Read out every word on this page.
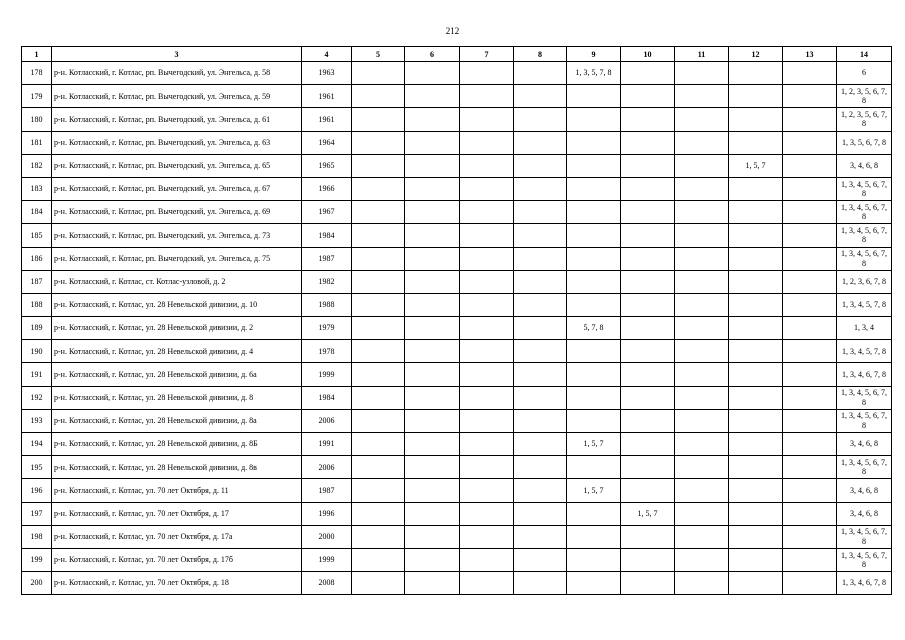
212
1	3	4	5	6	7	8	9	10	11	12	13	14
178	р-н. Котласский, г. Котлас, рп. Вычегодский, ул. Энгельса, д. 58	1963					1, 3, 5, 7, 8					6
179	р-н. Котласский, г. Котлас, рп. Вычегодский, ул. Энгельса, д. 59	1961										1, 2, 3, 5, 6, 7, 8
180	р-н. Котласский, г. Котлас, рп. Вычегодский, ул. Энгельса, д. 61	1961										1, 2, 3, 5, 6, 7, 8
181	р-н. Котласский, г. Котлас, рп. Вычегодский, ул. Энгельса, д. 63	1964										1, 3, 5, 6, 7, 8
182	р-н. Котласский, г. Котлас, рп. Вычегодский, ул. Энгельса, д. 65	1965								1, 5, 7		3, 4, 6, 8
183	р-н. Котласский, г. Котлас, рп. Вычегодский, ул. Энгельса, д. 67	1966										1, 3, 4, 5, 6, 7, 8
184	р-н. Котласский, г. Котлас, рп. Вычегодский, ул. Энгельса, д. 69	1967										1, 3, 4, 5, 6, 7, 8
185	р-н. Котласский, г. Котлас, рп. Вычегодский, ул. Энгельса, д. 73	1984										1, 3, 4, 5, 6, 7, 8
186	р-н. Котласский, г. Котлас, рп. Вычегодский, ул. Энгельса, д. 75	1987										1, 3, 4, 5, 6, 7, 8
187	р-н. Котласский, г. Котлас, ст. Котлас-узловой, д. 2	1982										1, 2, 3, 6, 7, 8
188	р-н. Котласский, г. Котлас, ул. 28 Невельской дивизии, д. 10	1988										1, 3, 4, 5, 7, 8
189	р-н. Котласский, г. Котлас, ул. 28 Невельской дивизии, д. 2	1979					5, 7, 8					1, 3, 4
190	р-н. Котласский, г. Котлас, ул. 28 Невельской дивизии, д. 4	1978										1, 3, 4, 5, 7, 8
191	р-н. Котласский, г. Котлас, ул. 28 Невельской дивизии, д. 6а	1999										1, 3, 4, 6, 7, 8
192	р-н. Котласский, г. Котлас, ул. 28 Невельской дивизии, д. 8	1984										1, 3, 4, 5, 6, 7, 8
193	р-н. Котласский, г. Котлас, ул. 28 Невельской дивизии, д. 8а	2006										1, 3, 4, 5, 6, 7, 8
194	р-н. Котласский, г. Котлас, ул. 28 Невельской дивизии, д. 8Б	1991					1, 5, 7					3, 4, 6, 8
195	р-н. Котласский, г. Котлас, ул. 28 Невельской дивизии, д. 8в	2006										1, 3, 4, 5, 6, 7, 8
196	р-н. Котласский, г. Котлас, ул. 70 лет Октября, д. 11	1987					1, 5, 7					3, 4, 6, 8
197	р-н. Котласский, г. Котлас, ул. 70 лет Октября, д. 17	1996						1, 5, 7				3, 4, 6, 8
198	р-н. Котласский, г. Котлас, ул. 70 лет Октября, д. 17а	2000										1, 3, 4, 5, 6, 7, 8
199	р-н. Котласский, г. Котлас, ул. 70 лет Октября, д. 17б	1999										1, 3, 4, 5, 6, 7, 8
200	р-н. Котласский, г. Котлас, ул. 70 лет Октября, д. 18	2008										1, 3, 4, 6, 7, 8
